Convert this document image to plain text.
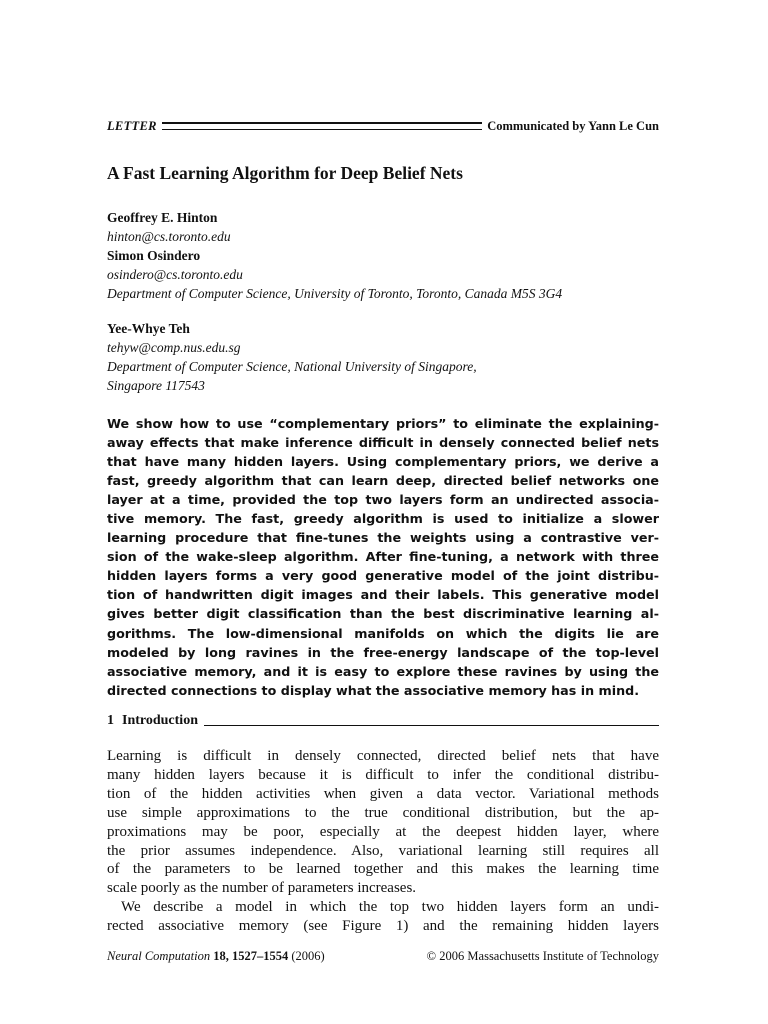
LETTER	Communicated by Yann Le Cun
A Fast Learning Algorithm for Deep Belief Nets
Geoffrey E. Hinton
hinton@cs.toronto.edu
Simon Osindero
osindero@cs.toronto.edu
Department of Computer Science, University of Toronto, Toronto, Canada M5S 3G4
Yee-Whye Teh
tehyw@comp.nus.edu.sg
Department of Computer Science, National University of Singapore,
Singapore 117543
We show how to use “complementary priors” to eliminate the explaining-
away effects that make inference difficult in densely connected belief nets
that have many hidden layers. Using complementary priors, we derive a
fast, greedy algorithm that can learn deep, directed belief networks one
layer at a time, provided the top two layers form an undirected associa-
tive memory. The fast, greedy algorithm is used to initialize a slower
learning procedure that fine-tunes the weights using a contrastive ver-
sion of the wake-sleep algorithm. After fine-tuning, a network with three
hidden layers forms a very good generative model of the joint distribu-
tion of handwritten digit images and their labels. This generative model
gives better digit classification than the best discriminative learning al-
gorithms. The low-dimensional manifolds on which the digits lie are
modeled by long ravines in the free-energy landscape of the top-level
associative memory, and it is easy to explore these ravines by using the
directed connections to display what the associative memory has in mind.
1 Introduction
Learning is difficult in densely connected, directed belief nets that have
many hidden layers because it is difficult to infer the conditional distribu-
tion of the hidden activities when given a data vector. Variational methods
use simple approximations to the true conditional distribution, but the ap-
proximations may be poor, especially at the deepest hidden layer, where
the prior assumes independence. Also, variational learning still requires all
of the parameters to be learned together and this makes the learning time
scale poorly as the number of parameters increases.
We describe a model in which the top two hidden layers form an undi-
rected associative memory (see Figure 1) and the remaining hidden layers
Neural Computation 18, 1527–1554 (2006)	© 2006 Massachusetts Institute of Technology
